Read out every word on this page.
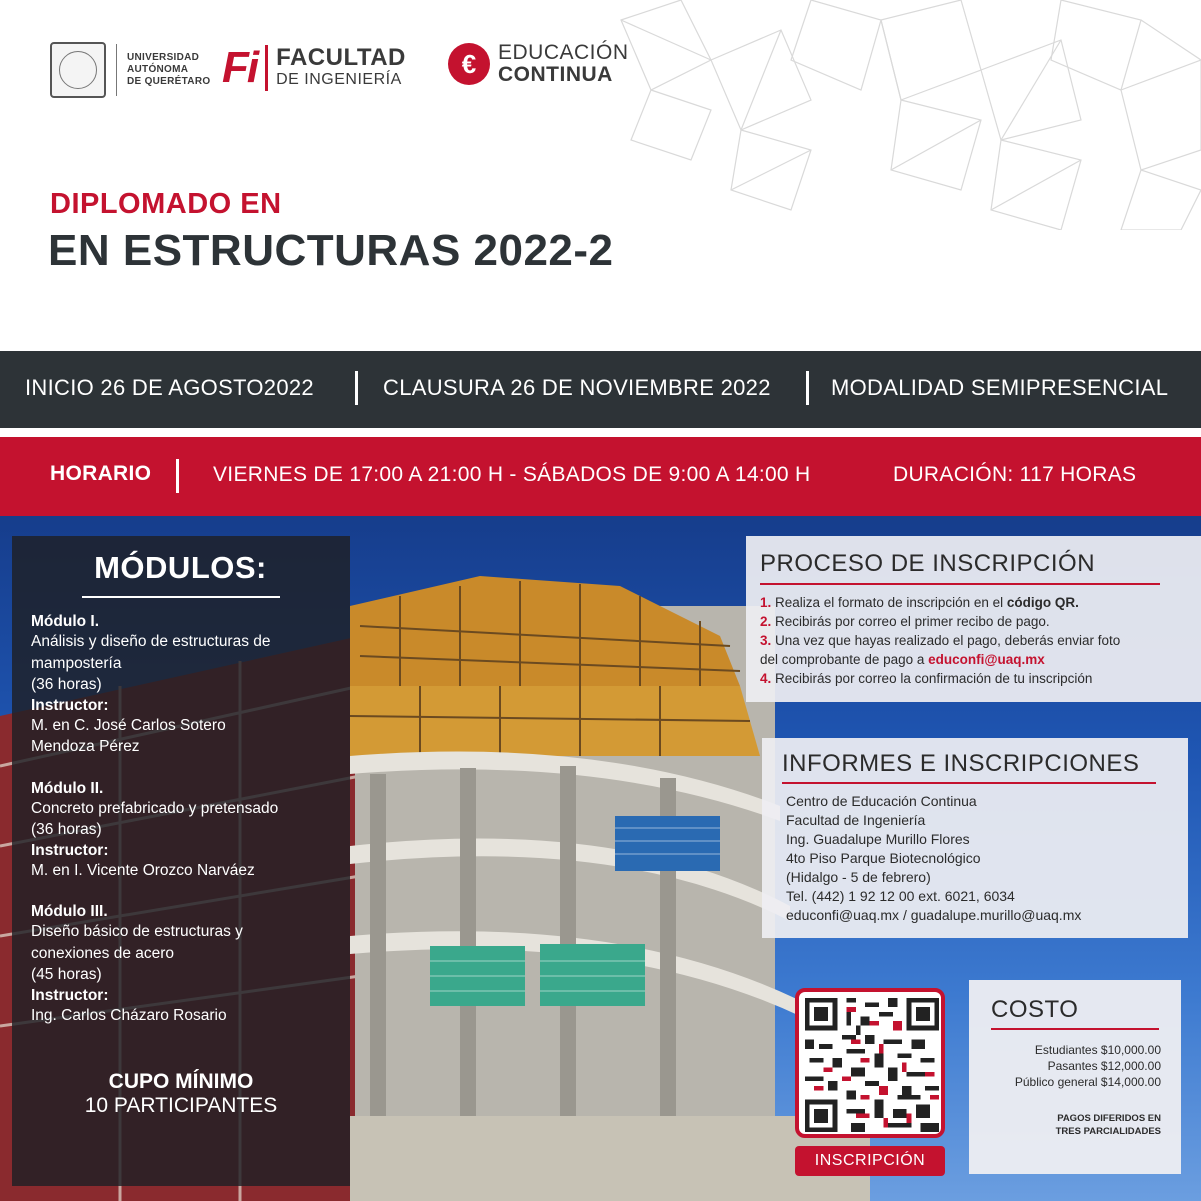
UNIVERSIDAD
AUTÓNOMA
DE QUERÉTARO Fi FACULTAD
DE INGENIERÍA
€	EDUCACIÓN
CONTINUA
DIPLOMADO EN
EN ESTRUCTURAS 2022-2
INICIO 26 DE AGOSTO2022	CLAUSURA 26 DE NOVIEMBRE 2022	MODALIDAD SEMIPRESENCIAL
HORARIO	VIERNES DE 17:00 A 21:00 H - SÁBADOS DE 9:00 A 14:00 H	DURACIÓN: 117 HORAS
MÓDULOS:
Módulo I.
Análisis y diseño de estructuras de
mampostería
(36 horas)
Instructor:
M. en C. José Carlos Sotero
Mendoza Pérez
Módulo II.
Concreto prefabricado y pretensado
(36 horas)
Instructor:
M. en I. Vicente Orozco Narváez
Módulo III.
Diseño básico de estructuras y
conexiones de acero
(45 horas)
Instructor:
Ing. Carlos Cházaro Rosario
CUPO MÍNIMO
10 PARTICIPANTES
PROCESO DE INSCRIPCIÓN
1. Realiza el formato de inscripción en el código QR.
2. Recibirás por correo el primer recibo de pago.
3. Una vez que hayas realizado el pago, deberás enviar foto
del comprobante de pago a educonfi@uaq.mx
4. Recibirás por correo la confirmación de tu inscripción
INFORMES E INSCRIPCIONES
Centro de Educación Continua
Facultad de Ingeniería
Ing. Guadalupe Murillo Flores
4to Piso Parque Biotecnológico
(Hidalgo - 5 de febrero)
Tel. (442) 1 92 12 00 ext. 6021, 6034
educonfi@uaq.mx / guadalupe.murillo@uaq.mx
INSCRIPCIÓN
COSTO
Estudiantes $10,000.00
Pasantes $12,000.00
Público general $14,000.00
PAGOS DIFERIDOS EN
TRES PARCIALIDADES
